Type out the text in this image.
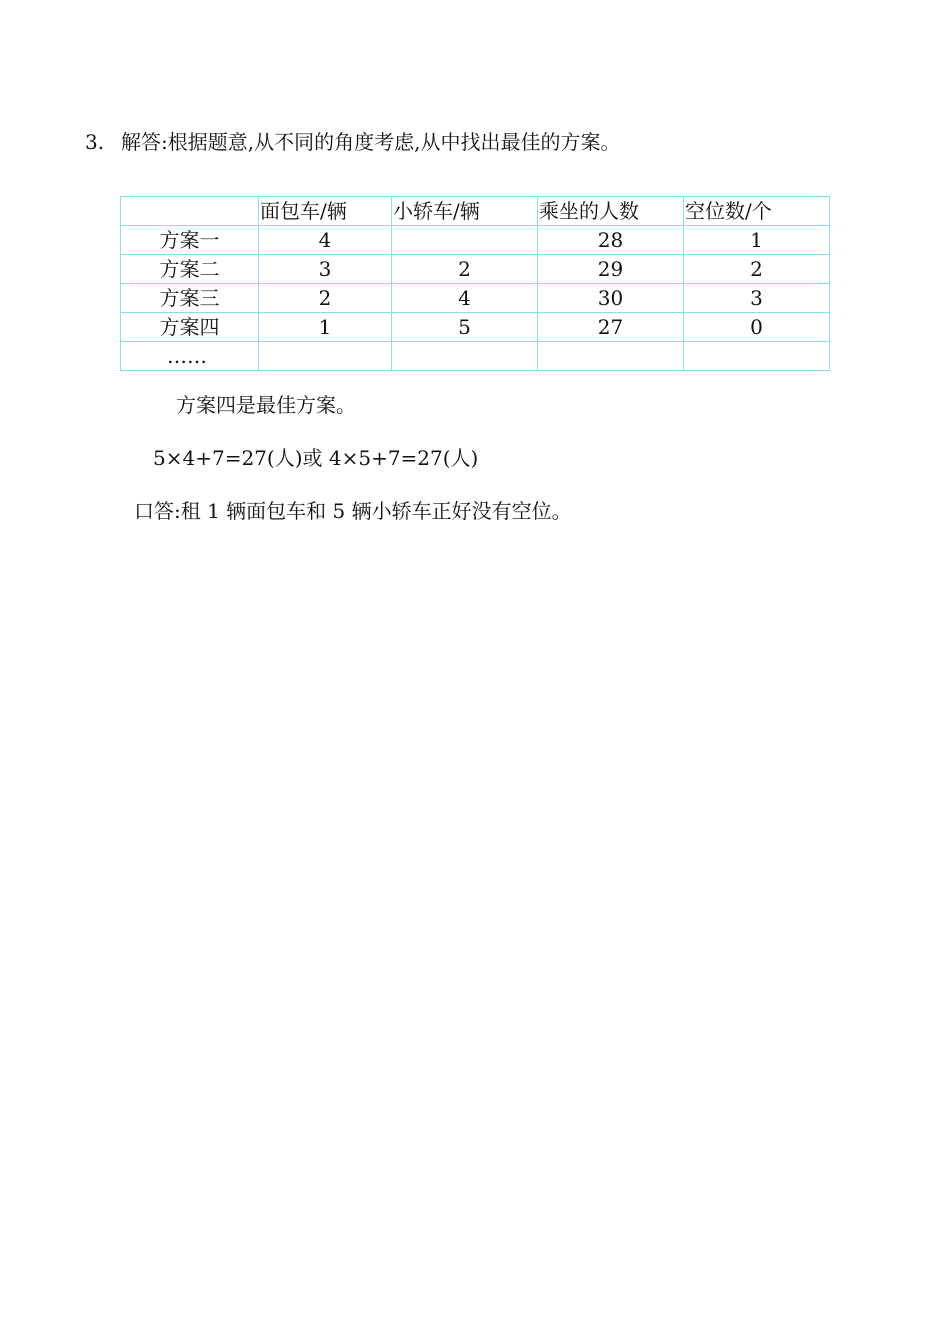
3. 解答:根据题意,从不同的角度考虑,从中找出最佳的方案。
	面包车/辆	小轿车/辆	乘坐的人数	空位数/个
方案一	4		28	1
方案二	3	2	29	2
方案三	2	4	30	3
方案四	1	5	27	0
……				
方案四是最佳方案。
5×4+7=27(人)或 4×5+7=27(人)
口答:租 1 辆面包车和 5 辆小轿车正好没有空位。
